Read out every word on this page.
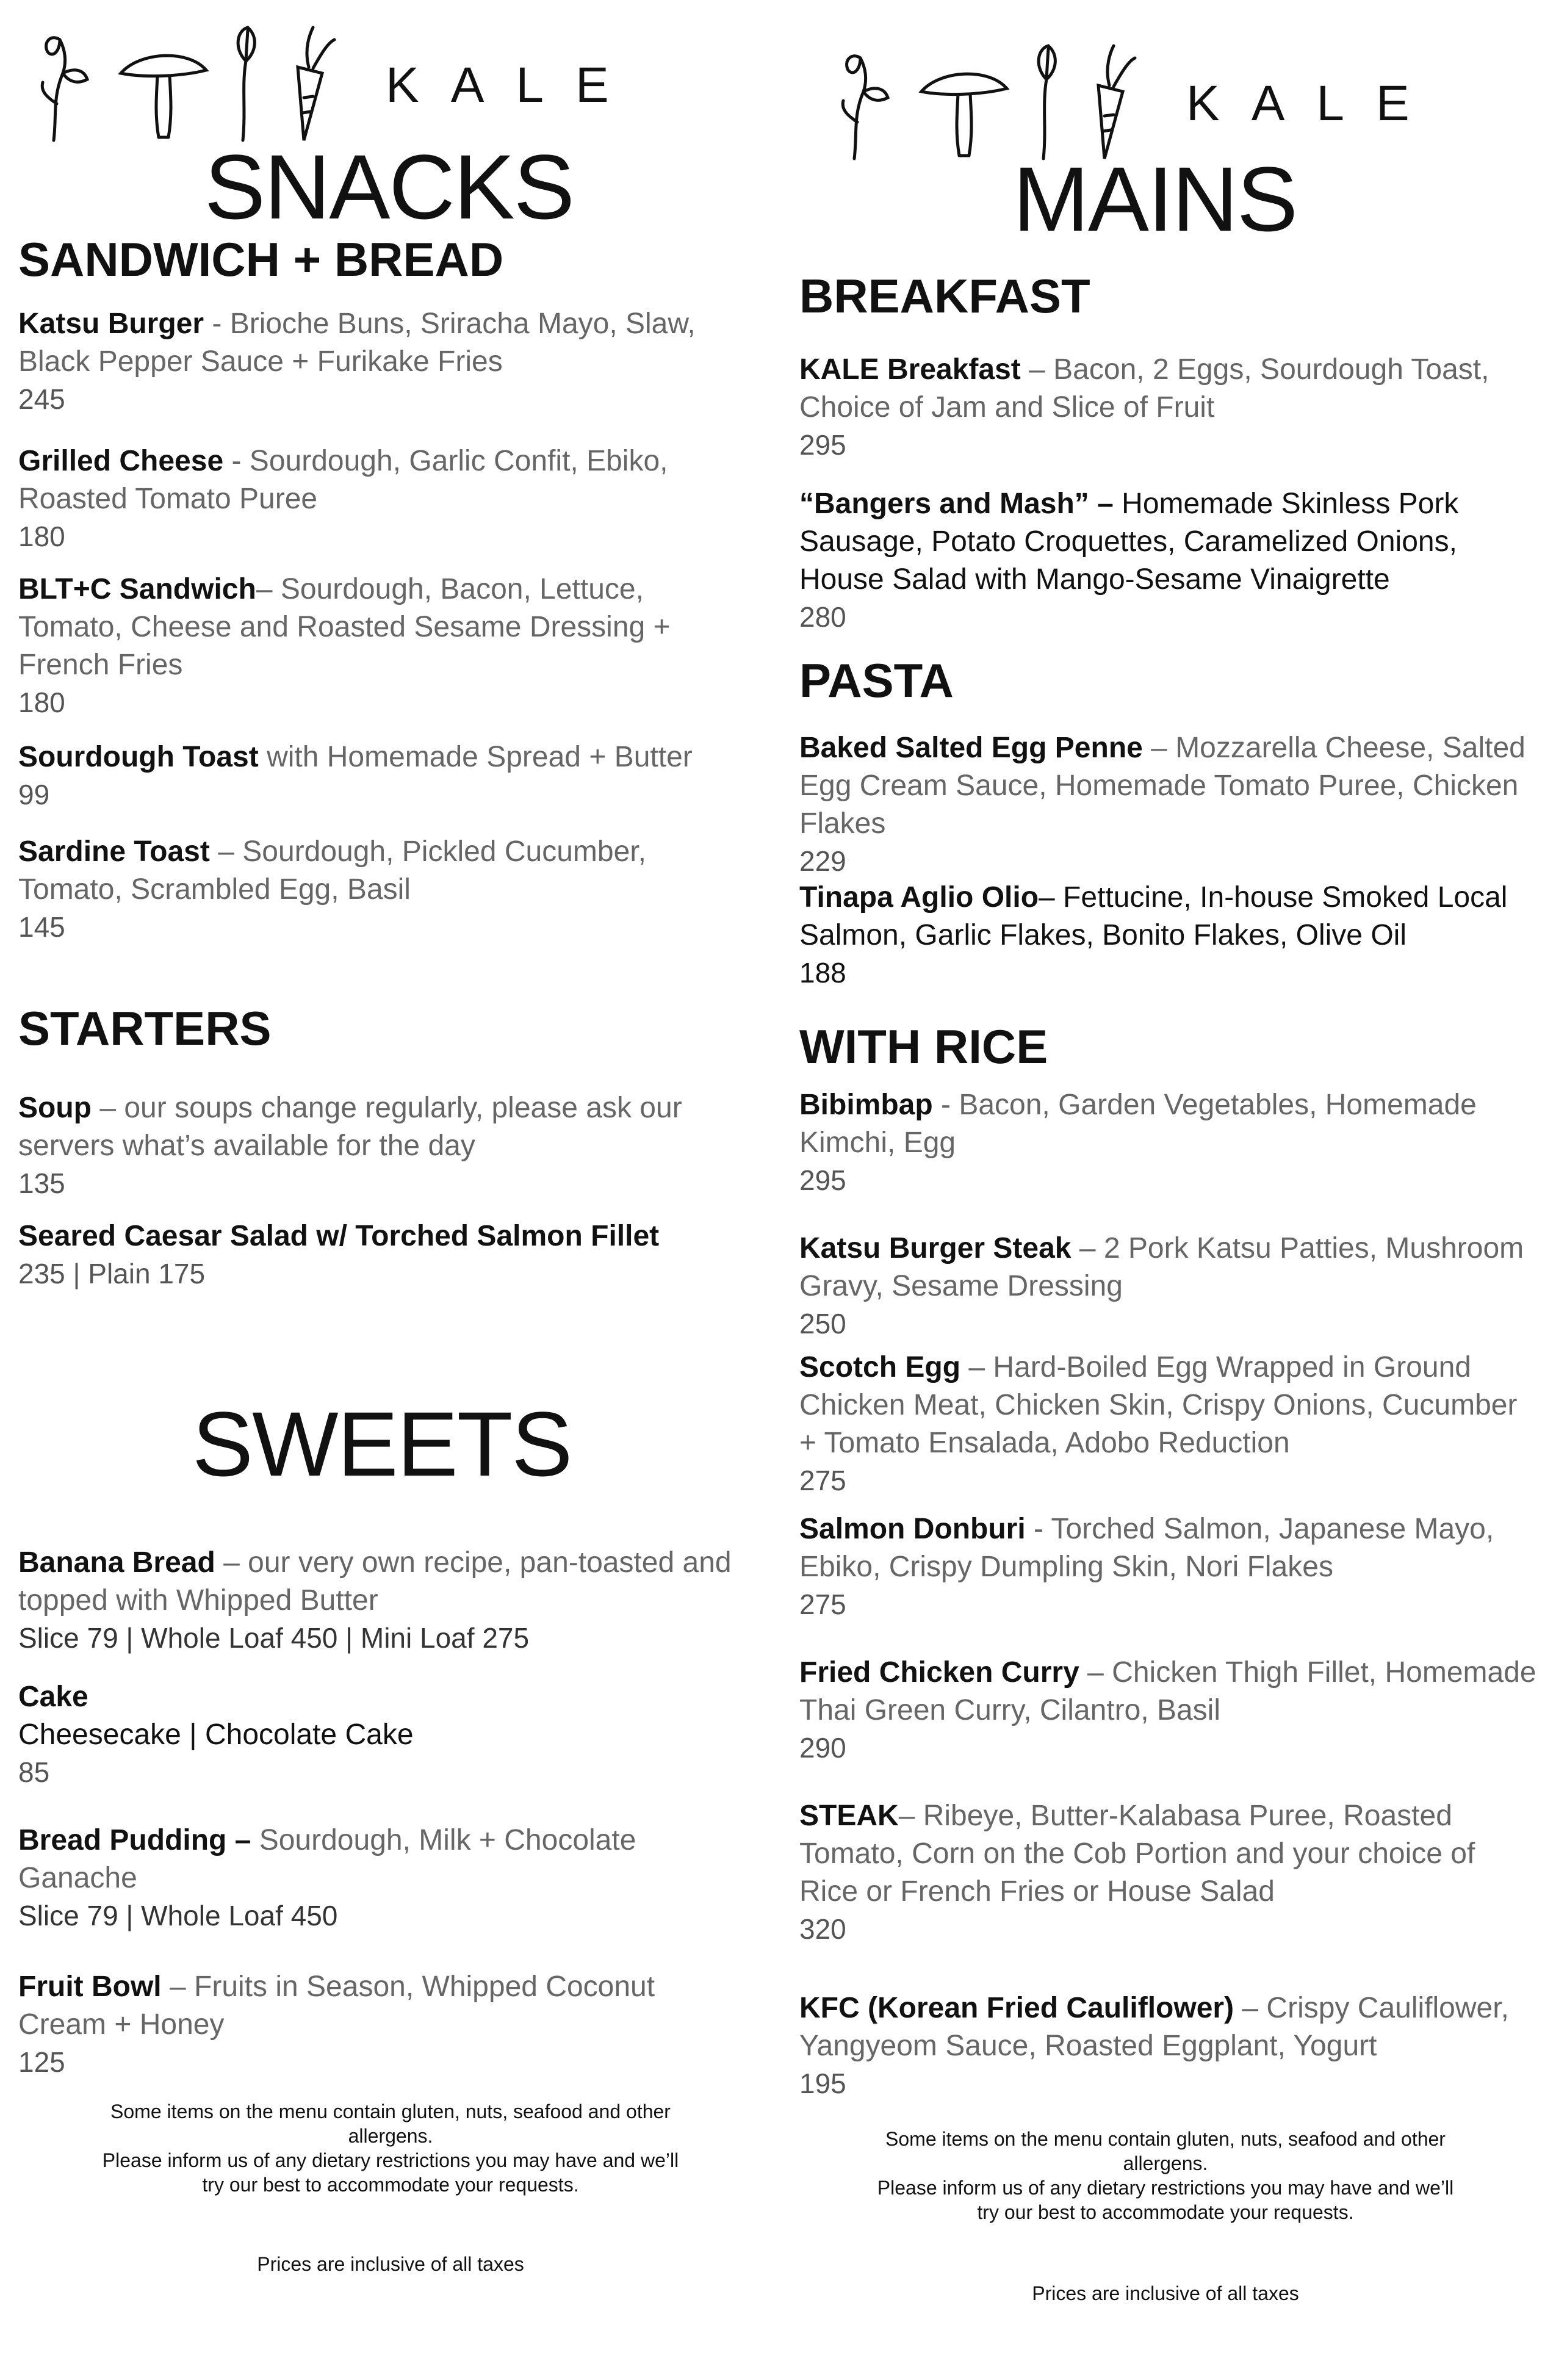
KALE
SNACKS
SANDWICH + BREAD
Katsu Burger - Brioche Buns, Sriracha Mayo, Slaw, Black Pepper Sauce + Furikake Fries
245
Grilled Cheese - Sourdough, Garlic Confit, Ebiko, Roasted Tomato Puree
180
BLT+C Sandwich– Sourdough, Bacon, Lettuce, Tomato, Cheese and Roasted Sesame Dressing + French Fries
180
Sourdough Toast with Homemade Spread + Butter
99
Sardine Toast – Sourdough, Pickled Cucumber, Tomato, Scrambled Egg, Basil
145
STARTERS
Soup – our soups change regularly, please ask our servers what’s available for the day
135
Seared Caesar Salad w/ Torched Salmon Fillet
235 | Plain 175
SWEETS
Banana Bread – our very own recipe, pan-toasted and topped with Whipped Butter
Slice 79 | Whole Loaf 450 | Mini Loaf 275
Cake
Cheesecake | Chocolate Cake
85
Bread Pudding – Sourdough, Milk + Chocolate Ganache
Slice 79 | Whole Loaf 450
Fruit Bowl – Fruits in Season, Whipped Coconut Cream + Honey
125
Some items on the menu contain gluten, nuts, seafood and other allergens.
Please inform us of any dietary restrictions you may have and we’ll try our best to accommodate your requests.
Prices are inclusive of all taxes
KALE
MAINS
BREAKFAST
KALE Breakfast – Bacon, 2 Eggs, Sourdough Toast, Choice of Jam and Slice of Fruit
295
“Bangers and Mash” – Homemade Skinless Pork Sausage, Potato Croquettes, Caramelized Onions, House Salad with Mango-Sesame Vinaigrette
280
PASTA
Baked Salted Egg Penne – Mozzarella Cheese, Salted Egg Cream Sauce, Homemade Tomato Puree, Chicken Flakes
229
Tinapa Aglio Olio– Fettucine, In-house Smoked Local Salmon, Garlic Flakes, Bonito Flakes, Olive Oil
188
WITH RICE
Bibimbap - Bacon, Garden Vegetables, Homemade Kimchi, Egg
295
Katsu Burger Steak – 2 Pork Katsu Patties, Mushroom Gravy, Sesame Dressing
250
Scotch Egg – Hard-Boiled Egg Wrapped in Ground Chicken Meat, Chicken Skin, Crispy Onions, Cucumber + Tomato Ensalada, Adobo Reduction
275
Salmon Donburi - Torched Salmon, Japanese Mayo, Ebiko, Crispy Dumpling Skin, Nori Flakes
275
Fried Chicken Curry – Chicken Thigh Fillet, Homemade Thai Green Curry, Cilantro, Basil
290
STEAK– Ribeye, Butter-Kalabasa Puree, Roasted Tomato, Corn on the Cob Portion and your choice of Rice or French Fries or House Salad
320
KFC (Korean Fried Cauliflower) – Crispy Cauliflower, Yangyeom Sauce, Roasted Eggplant, Yogurt
195
Some items on the menu contain gluten, nuts, seafood and other allergens.
Please inform us of any dietary restrictions you may have and we’ll try our best to accommodate your requests.
Prices are inclusive of all taxes
